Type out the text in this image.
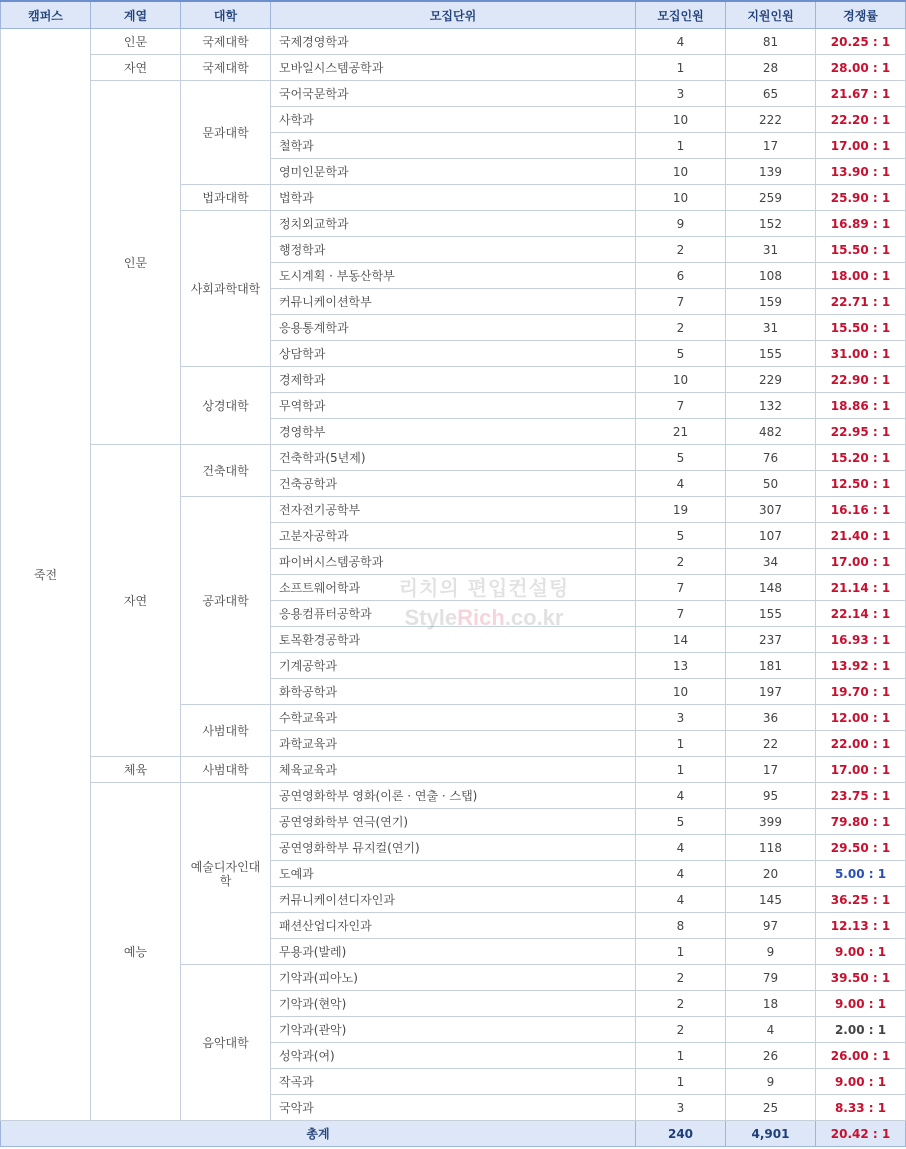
캠퍼스	계열	대학	모집단위	모집인원	지원인원	경쟁률
죽전	인문	국제대학	국제경영학과	4	81	20.25 : 1
	자연	국제대학	모바일시스템공학과	1	28	28.00 : 1
	인문	문과대학	국어국문학과	3	65	21.67 : 1
			사학과	10	222	22.20 : 1
			철학과	1	17	17.00 : 1
			영미인문학과	10	139	13.90 : 1
		법과대학	법학과	10	259	25.90 : 1
		사회과학대학	정치외교학과	9	152	16.89 : 1
			행정학과	2	31	15.50 : 1
			도시계획 · 부동산학부	6	108	18.00 : 1
			커뮤니케이션학부	7	159	22.71 : 1
			응용통계학과	2	31	15.50 : 1
			상담학과	5	155	31.00 : 1
		상경대학	경제학과	10	229	22.90 : 1
			무역학과	7	132	18.86 : 1
			경영학부	21	482	22.95 : 1
	자연	건축대학	건축학과(5년제)	5	76	15.20 : 1
			건축공학과	4	50	12.50 : 1
		공과대학	전자전기공학부	19	307	16.16 : 1
			고분자공학과	5	107	21.40 : 1
			파이버시스템공학과	2	34	17.00 : 1
			소프트웨어학과	7	148	21.14 : 1
			응용컴퓨터공학과	7	155	22.14 : 1
			토목환경공학과	14	237	16.93 : 1
			기계공학과	13	181	13.92 : 1
			화학공학과	10	197	19.70 : 1
		사범대학	수학교육과	3	36	12.00 : 1
			과학교육과	1	22	22.00 : 1
	체육	사범대학	체육교육과	1	17	17.00 : 1
	예능	예술디자인대학	공연영화학부 영화(이론 · 연출 · 스탭)	4	95	23.75 : 1
			공연영화학부 연극(연기)	5	399	79.80 : 1
			공연영화학부 뮤지컬(연기)	4	118	29.50 : 1
			도예과	4	20	5.00 : 1
			커뮤니케이션디자인과	4	145	36.25 : 1
			패션산업디자인과	8	97	12.13 : 1
			무용과(발레)	1	9	9.00 : 1
		음악대학	기악과(피아노)	2	79	39.50 : 1
			기악과(현악)	2	18	9.00 : 1
			기악과(관악)	2	4	2.00 : 1
			성악과(여)	1	26	26.00 : 1
			작곡과	1	9	9.00 : 1
			국악과	3	25	8.33 : 1
총계				240	4,901	20.42 : 1
리치의 편입컨설팅
StyleRich.co.kr
